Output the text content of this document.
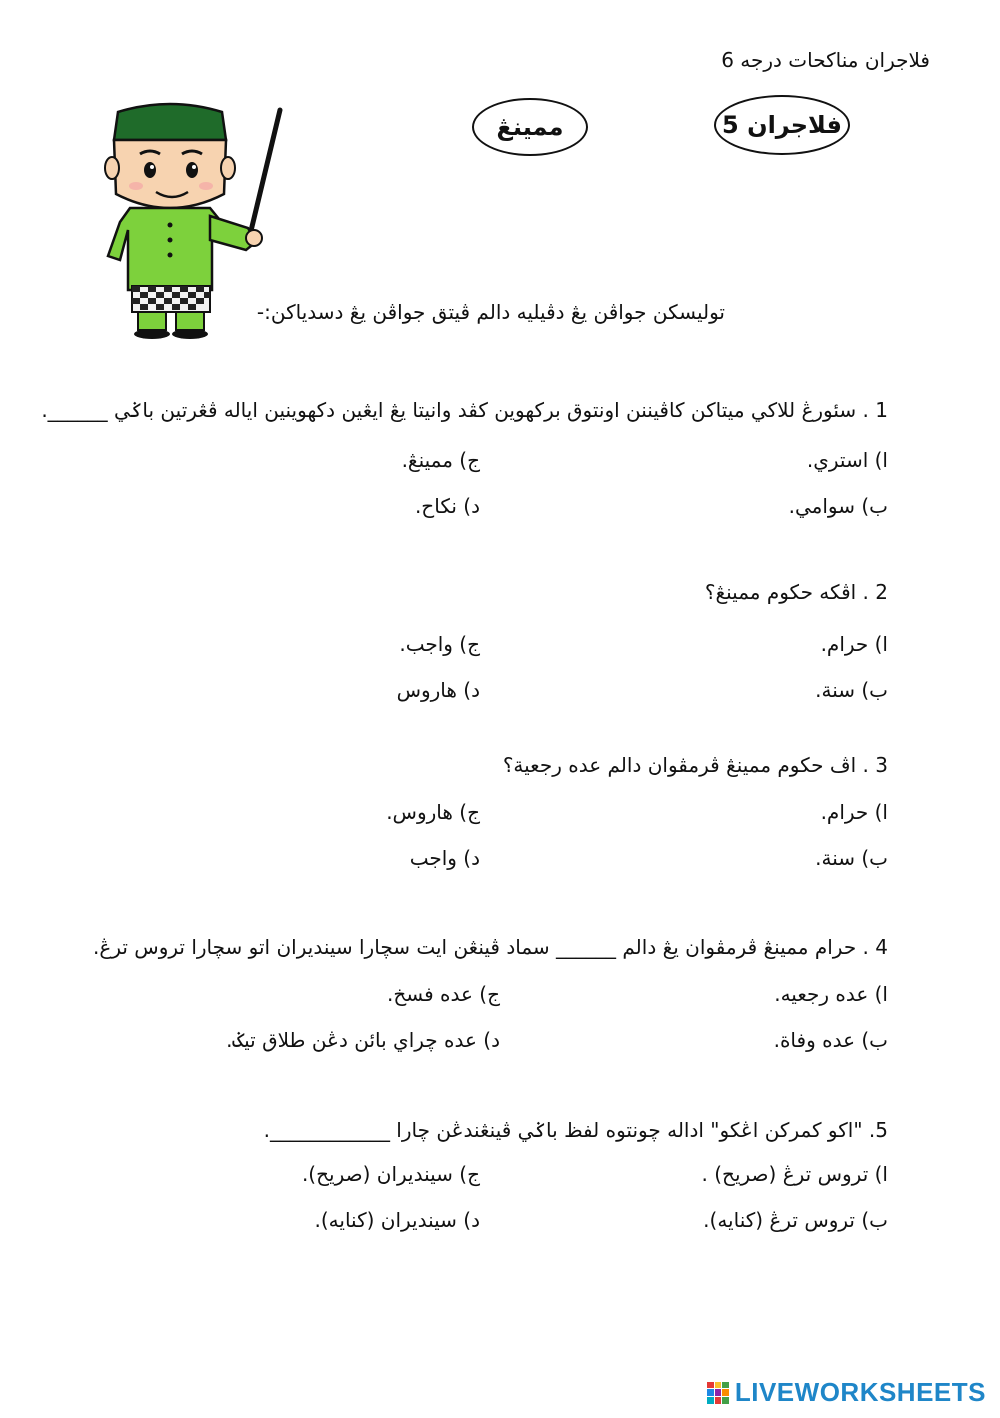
فلاجران مناكحات درجه 6
فلاجران 5
ممينڠ
توليسكن جواڤن يڠ دڤيليه دالم ڤيتق جواڤن يڠ دسدياكن:-
1 . سئورڠ للاكي ميتاكن كاڤيننن اونتوق بركهوين كڤد وانيتا يڠ ايڠين دكهوينين اياله ڤڠرتين باݢي ______.
ا) استري.
ب) سوامي.
ج) ممينڠ.
د) نكاح.
2 . اڤكه حكوم ممينڠ؟
ا) حرام.
ب) سنة.
ج) واجب.
د) هاروس
3 . اڤ حكوم ممينڠ ڤرمڤوان دالم عده رجعية؟
ا) حرام.
ب) سنة.
ج) هاروس.
د) واجب
4 . حرام ممينڠ ڤرمڤوان يڠ دالم ______ سماد ڤينڠن ايت سچارا سينديران اتو سچارا تروس ترڠ.
ا) عده رجعيه.
ب) عده وفاة.
ج) عده فسخ.
د) عده چراي بائن دڠن طلاق تيݢ.
5. "اكو كمركن اڠكو" اداله چونتوه لفظ باݢي ڤينڠندڠن چارا ____________.
ا) تروس ترڠ (صريح) .
ب) تروس ترڠ (كنايه).
ج) سينديران (صريح).
د) سينديران (كنايه).
LIVEWORKSHEETS
